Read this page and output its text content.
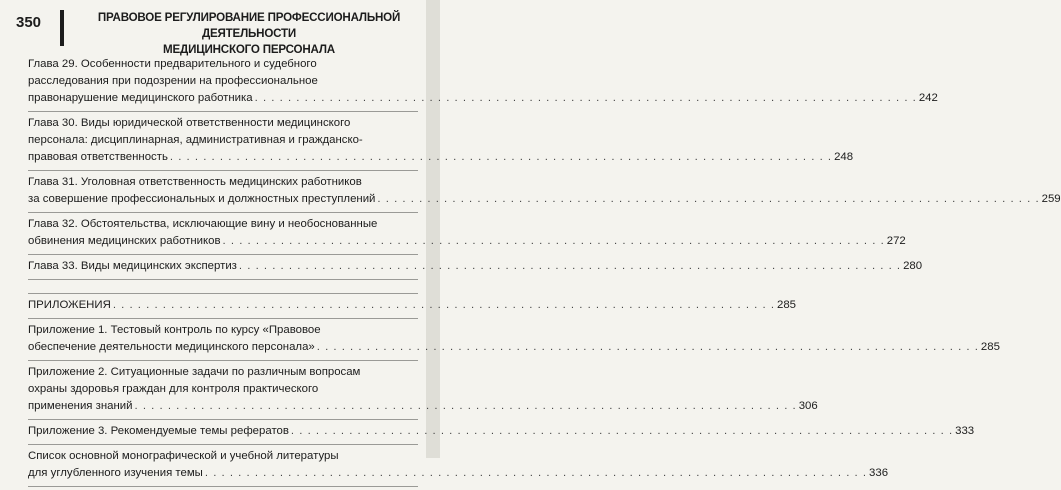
350	ПРАВОВОЕ РЕГУЛИРОВАНИЕ ПРОФЕССИОНАЛЬНОЙ ДЕЯТЕЛЬНОСТИ
МЕДИЦИНСКОГО ПЕРСОНАЛА
Глава 29. Особенности предварительного и судебного
расследования при подозрении на профессиональное
правонарушение медицинского работника . . . . . . . . . . . . . . . . . . . . . . . . . . . . . . . . . . . . . . . . . . . . . . . . . . . . . . . . . . . . . . . . . . . . . . . . . . . . . . . . 242
Глава 30. Виды юридической ответственности медицинского
персонала: дисциплинарная, административная и гражданско-
правовая ответственность . . . . . . . . . . . . . . . . . . . . . . . . . . . . . . . . . . . . . . . . . . . . . . . . . . . . . . . . . . . . . . . . . . . . . . . . . . . . . . . . 248
Глава 31. Уголовная ответственность медицинских работников
за совершение профессиональных и должностных преступлений . . . . . . . . . . . . . . . . . . . . . . . . . . . . . . . . . . . . . . . . . . . . . . . . . . . . . . . . . . . . . . . . . . . . . . . . . . . . . . . . 259
Глава 32. Обстоятельства, исключающие вину и необоснованные
обвинения медицинских работников . . . . . . . . . . . . . . . . . . . . . . . . . . . . . . . . . . . . . . . . . . . . . . . . . . . . . . . . . . . . . . . . . . . . . . . . . . . . . . . . 272
Глава 33. Виды медицинских экспертиз . . . . . . . . . . . . . . . . . . . . . . . . . . . . . . . . . . . . . . . . . . . . . . . . . . . . . . . . . . . . . . . . . . . . . . . . . . . . . . . . 280
ПРИЛОЖЕНИЯ . . . . . . . . . . . . . . . . . . . . . . . . . . . . . . . . . . . . . . . . . . . . . . . . . . . . . . . . . . . . . . . . . . . . . . . . . . . . . . . . 285
Приложение 1. Тестовый контроль по курсу «Правовое
обеспечение деятельности медицинского персонала» . . . . . . . . . . . . . . . . . . . . . . . . . . . . . . . . . . . . . . . . . . . . . . . . . . . . . . . . . . . . . . . . . . . . . . . . . . . . . . . . 285
Приложение 2. Ситуационные задачи по различным вопросам
охраны здоровья граждан для контроля практического
применения знаний . . . . . . . . . . . . . . . . . . . . . . . . . . . . . . . . . . . . . . . . . . . . . . . . . . . . . . . . . . . . . . . . . . . . . . . . . . . . . . . . 306
Приложение 3. Рекомендуемые темы рефератов . . . . . . . . . . . . . . . . . . . . . . . . . . . . . . . . . . . . . . . . . . . . . . . . . . . . . . . . . . . . . . . . . . . . . . . . . . . . . . . . 333
Список основной монографической и учебной литературы
для углубленного изучения темы . . . . . . . . . . . . . . . . . . . . . . . . . . . . . . . . . . . . . . . . . . . . . . . . . . . . . . . . . . . . . . . . . . . . . . . . . . . . . . . . 336
